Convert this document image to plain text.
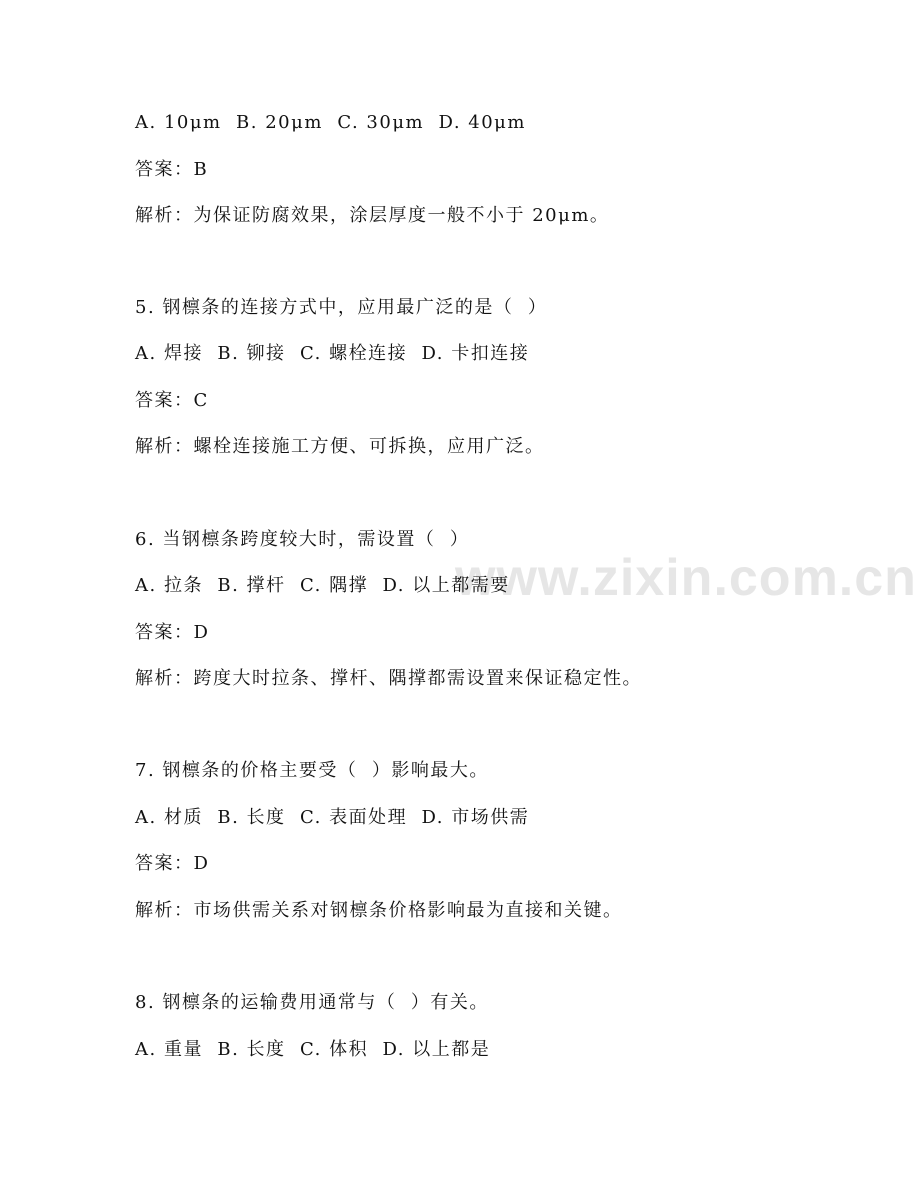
www.zixin.com.cn
A. 10μm  B. 20μm  C. 30μm  D. 40μm
答案：B
解析：为保证防腐效果，涂层厚度一般不小于 20μm。
5. 钢檩条的连接方式中，应用最广泛的是（  ）
A. 焊接  B. 铆接  C. 螺栓连接  D. 卡扣连接
答案：C
解析：螺栓连接施工方便、可拆换，应用广泛。
6. 当钢檩条跨度较大时，需设置（  ）
A. 拉条  B. 撑杆  C. 隅撑  D. 以上都需要
答案：D
解析：跨度大时拉条、撑杆、隅撑都需设置来保证稳定性。
7. 钢檩条的价格主要受（  ）影响最大。
A. 材质  B. 长度  C. 表面处理  D. 市场供需
答案：D
解析：市场供需关系对钢檩条价格影响最为直接和关键。
8. 钢檩条的运输费用通常与（  ）有关。
A. 重量  B. 长度  C. 体积  D. 以上都是
